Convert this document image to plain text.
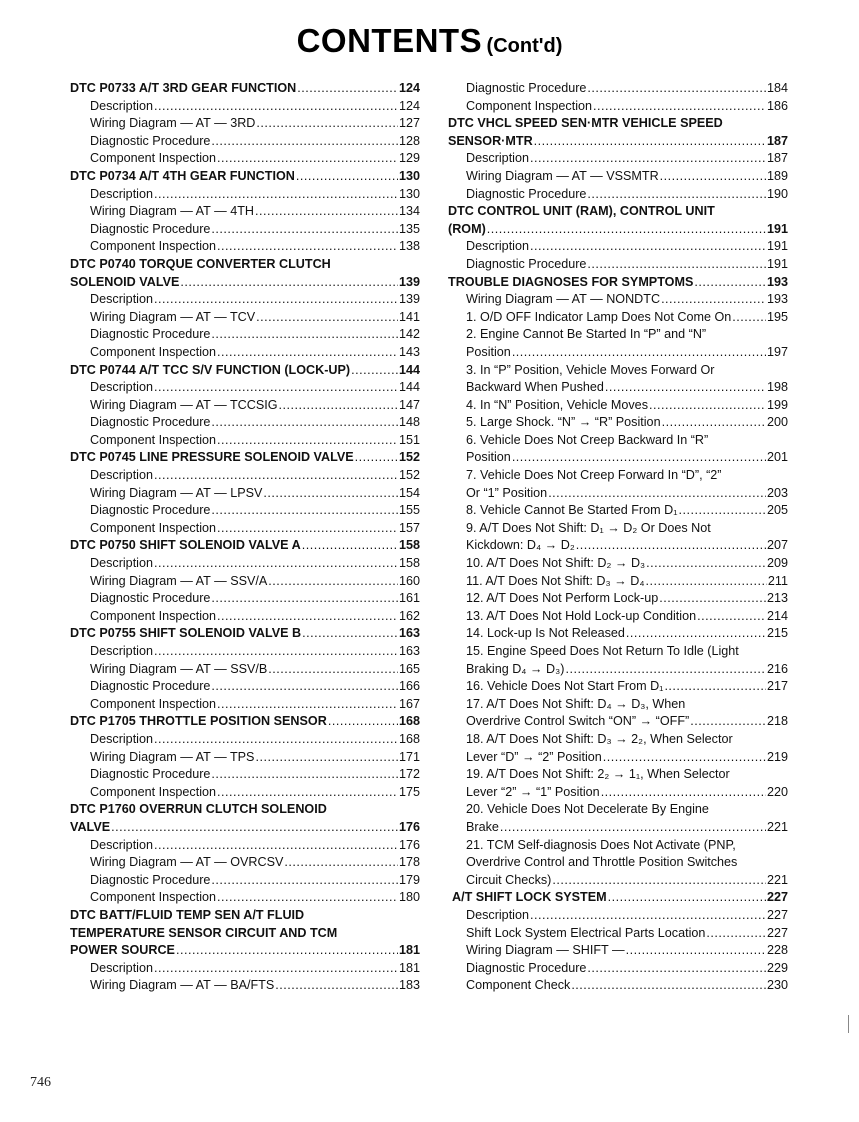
CONTENTS (Cont'd)
DTC P0733 A/T 3RD GEAR FUNCTION .....	124
Description .....	124
Wiring Diagram — AT — 3RD .....	127
Diagnostic Procedure .....	128
Component Inspection .....	129
DTC P0734 A/T 4TH GEAR FUNCTION .....	130
Description .....	130
Wiring Diagram — AT — 4TH .....	134
Diagnostic Procedure .....	135
Component Inspection .....	138
DTC P0740 TORQUE CONVERTER CLUTCH
SOLENOID VALVE .....	139
Description .....	139
Wiring Diagram — AT — TCV .....	141
Diagnostic Procedure .....	142
Component Inspection .....	143
DTC P0744 A/T TCC S/V FUNCTION (LOCK-UP) .....	144
Description .....	144
Wiring Diagram — AT — TCCSIG .....	147
Diagnostic Procedure .....	148
Component Inspection .....	151
DTC P0745 LINE PRESSURE SOLENOID VALVE .....	152
Description .....	152
Wiring Diagram — AT — LPSV .....	154
Diagnostic Procedure .....	155
Component Inspection .....	157
DTC P0750 SHIFT SOLENOID VALVE A .....	158
Description .....	158
Wiring Diagram — AT — SSV/A .....	160
Diagnostic Procedure .....	161
Component Inspection .....	162
DTC P0755 SHIFT SOLENOID VALVE B .....	163
Description .....	163
Wiring Diagram — AT — SSV/B .....	165
Diagnostic Procedure .....	166
Component Inspection .....	167
DTC P1705 THROTTLE POSITION SENSOR .....	168
Description .....	168
Wiring Diagram — AT — TPS .....	171
Diagnostic Procedure .....	172
Component Inspection .....	175
DTC P1760 OVERRUN CLUTCH SOLENOID
VALVE .....	176
Description .....	176
Wiring Diagram — AT — OVRCSV .....	178
Diagnostic Procedure .....	179
Component Inspection .....	180
DTC BATT/FLUID TEMP SEN A/T FLUID
TEMPERATURE SENSOR CIRCUIT AND TCM
POWER SOURCE .....	181
Description .....	181
Wiring Diagram — AT — BA/FTS .....	183
Diagnostic Procedure .....	184
Component Inspection .....	186
DTC VHCL SPEED SEN·MTR VEHICLE SPEED
SENSOR·MTR .....	187
Description .....	187
Wiring Diagram — AT — VSSMTR .....	189
Diagnostic Procedure .....	190
DTC CONTROL UNIT (RAM), CONTROL UNIT
(ROM) .....	191
Description .....	191
Diagnostic Procedure .....	191
TROUBLE DIAGNOSES FOR SYMPTOMS .....	193
Wiring Diagram — AT — NONDTC .....	193
1. O/D OFF Indicator Lamp Does Not Come On .....	195
2. Engine Cannot Be Started In “P” and “N”
Position .....	197
3. In “P” Position, Vehicle Moves Forward Or
Backward When Pushed .....	198
4. In “N” Position, Vehicle Moves .....	199
5. Large Shock. “N” → “R” Position .....	200
6. Vehicle Does Not Creep Backward In “R”
Position .....	201
7. Vehicle Does Not Creep Forward In “D”, “2”
Or “1” Position .....	203
8. Vehicle Cannot Be Started From D₁ .....	205
9. A/T Does Not Shift: D₁ → D₂ Or Does Not
Kickdown: D₄ → D₂ .....	207
10. A/T Does Not Shift: D₂ → D₃ .....	209
11. A/T Does Not Shift: D₃ → D₄ .....	211
12. A/T Does Not Perform Lock-up .....	213
13. A/T Does Not Hold Lock-up Condition .....	214
14. Lock-up Is Not Released .....	215
15. Engine Speed Does Not Return To Idle (Light
Braking D₄ → D₃) .....	216
16. Vehicle Does Not Start From D₁ .....	217
17. A/T Does Not Shift: D₄ → D₃, When
Overdrive Control Switch “ON” → “OFF” .....	218
18. A/T Does Not Shift: D₃ → 2₂, When Selector
Lever “D” → “2” Position .....	219
19. A/T Does Not Shift: 2₂ → 1₁, When Selector
Lever “2” → “1” Position .....	220
20. Vehicle Does Not Decelerate By Engine
Brake .....	221
21. TCM Self-diagnosis Does Not Activate (PNP,
Overdrive Control and Throttle Position Switches
Circuit Checks) .....	221
A/T SHIFT LOCK SYSTEM .....	227
Description .....	227
Shift Lock System Electrical Parts Location .....	227
Wiring Diagram — SHIFT — .....	228
Diagnostic Procedure .....	229
Component Check .....	230
746
